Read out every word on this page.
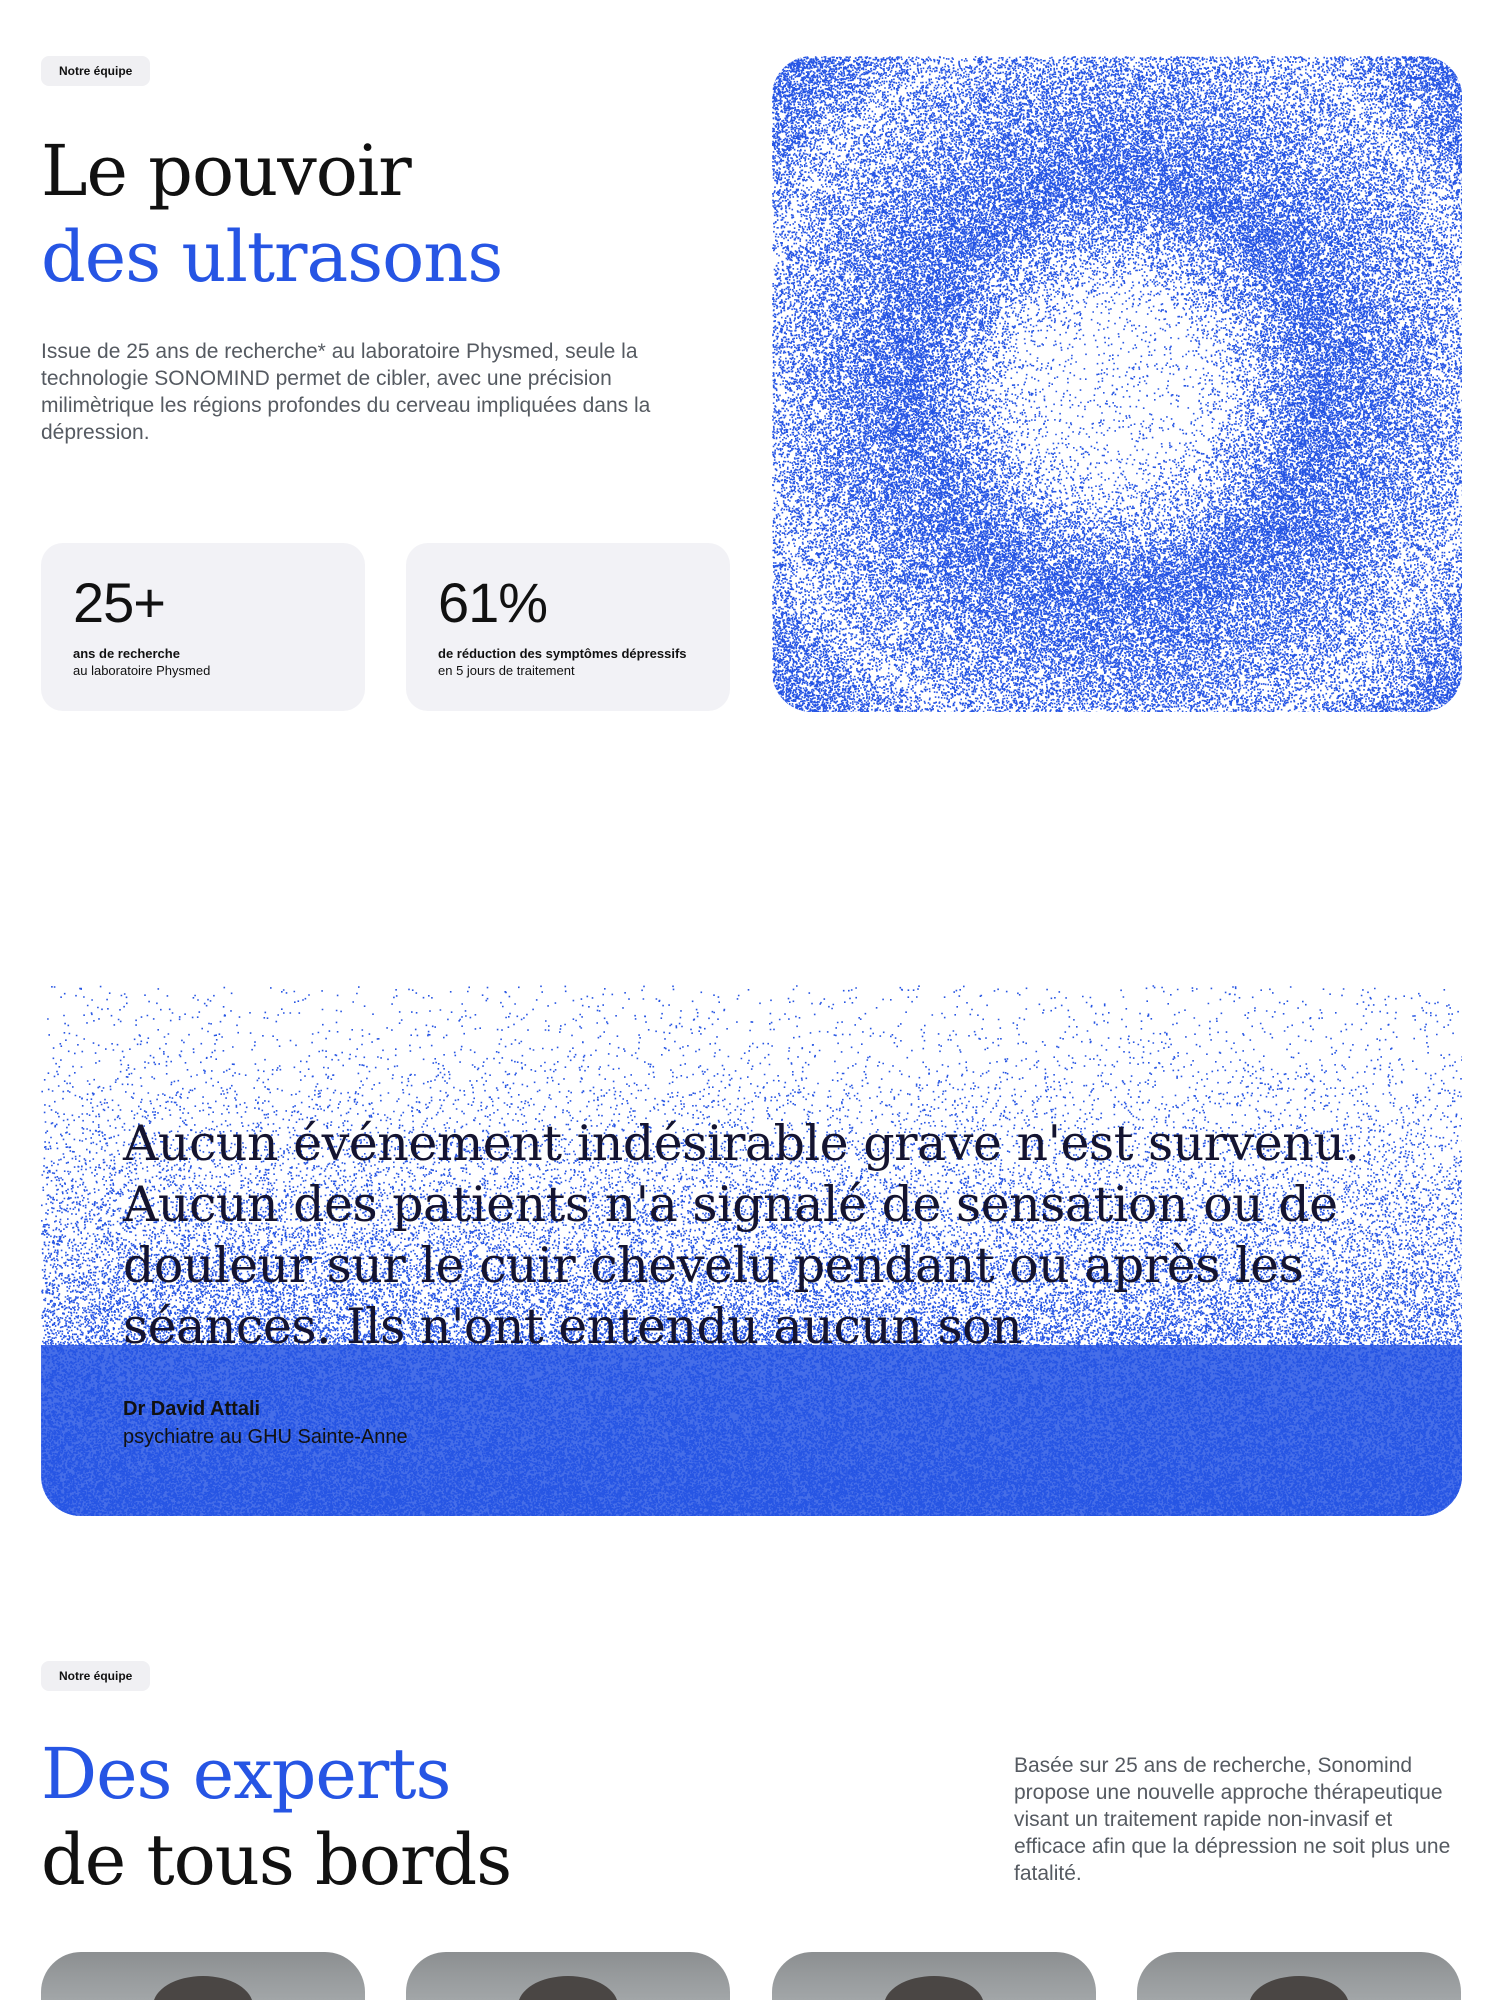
Notre équipe
Le pouvoir
des ultrasons

Issue de 25 ans de recherche* au laboratoire Physmed, seule la technologie SONOMIND permet de cibler, avec une précision milimètrique les régions profondes du cerveau impliquées dans la dépression.

25+
ans de recherche
au laboratoire Physmed
61%
de réduction des symptômes dépressifs
en 5 jours de traitement

Aucun événement indésirable grave n'est survenu. Aucun des patients n'a signalé de sensation ou de douleur sur le cuir chevelu pendant ou après les séances. Ils n'ont entendu aucun son

Dr David Attali
psychiatre au GHU Sainte-Anne
Notre équipe
Des experts
de tous bords

Basée sur 25 ans de recherche, Sonomind propose une nouvelle approche thérapeutique visant un traitement rapide non-invasif et efficace afin que la dépression ne soit plus une fatalité.
